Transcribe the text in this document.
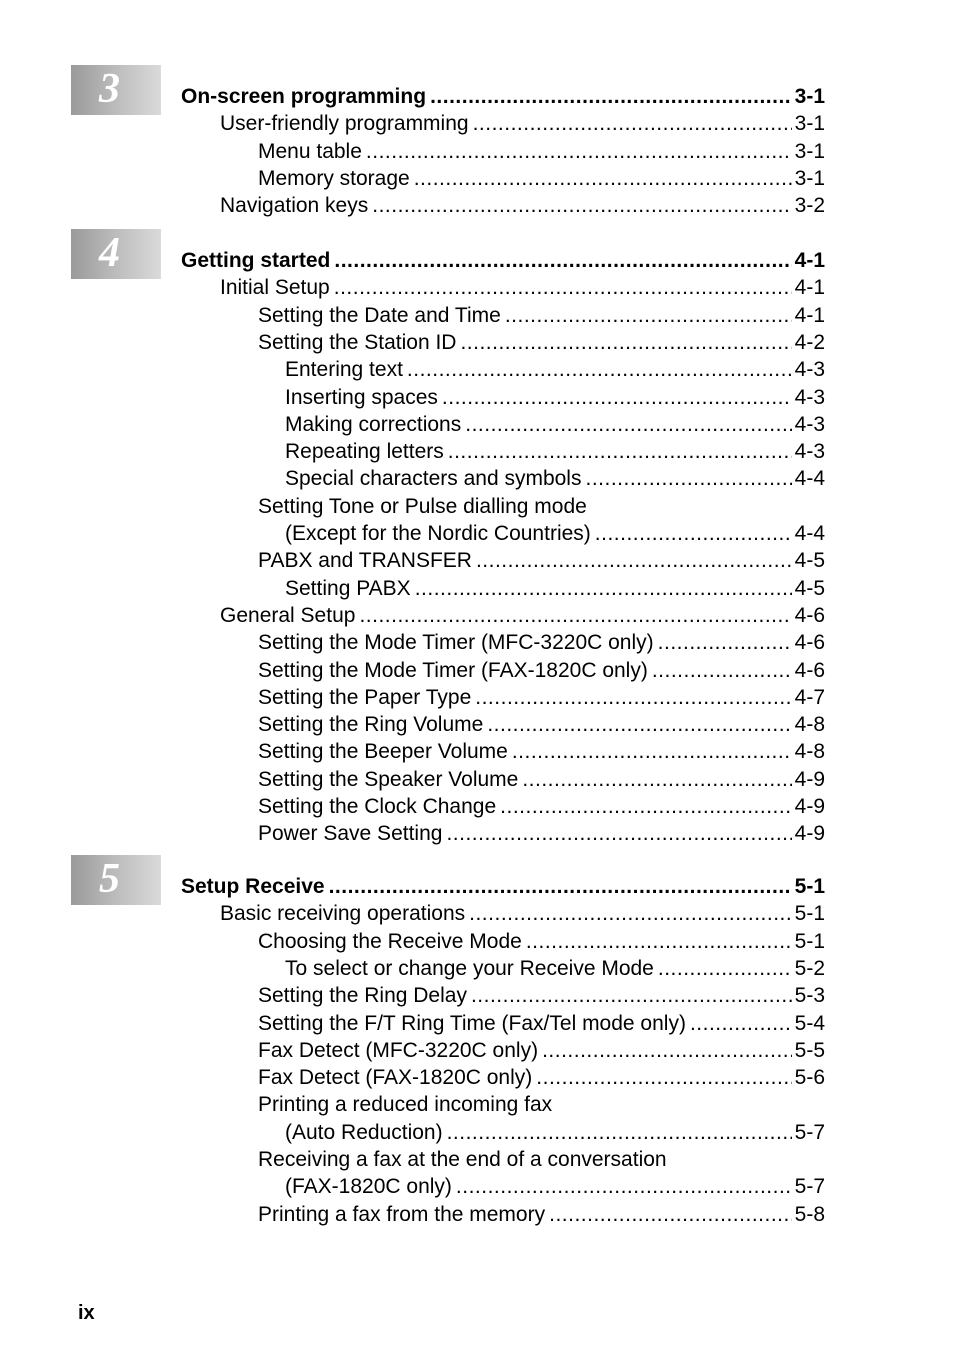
3	On-screen programming .....	3-1
User-friendly programming .....	3-1
Menu table .....	3-1
Memory storage .....	3-1
Navigation keys .....	3-2
4	Getting started .....	4-1
Initial Setup .....	4-1
Setting the Date and Time .....	4-1
Setting the Station ID .....	4-2
Entering text .....	4-3
Inserting spaces .....	4-3
Making corrections .....	4-3
Repeating letters .....	4-3
Special characters and symbols .....	4-4
Setting Tone or Pulse dialling mode
(Except for the Nordic Countries) .....	4-4
PABX and TRANSFER .....	4-5
Setting PABX .....	4-5
General Setup .....	4-6
Setting the Mode Timer (MFC-3220C only) .....	4-6
Setting the Mode Timer (FAX-1820C only) .....	4-6
Setting the Paper Type .....	4-7
Setting the Ring Volume .....	4-8
Setting the Beeper Volume .....	4-8
Setting the Speaker Volume .....	4-9
Setting the Clock Change .....	4-9
Power Save Setting .....	4-9
5	Setup Receive .....	5-1
Basic receiving operations .....	5-1
Choosing the Receive Mode .....	5-1
To select or change your Receive Mode .....	5-2
Setting the Ring Delay .....	5-3
Setting the F/T Ring Time (Fax/Tel mode only) .....	5-4
Fax Detect (MFC-3220C only) .....	5-5
Fax Detect (FAX-1820C only) .....	5-6
Printing a reduced incoming fax
(Auto Reduction) .....	5-7
Receiving a fax at the end of a conversation
(FAX-1820C only) .....	5-7
Printing a fax from the memory .....	5-8
ix
